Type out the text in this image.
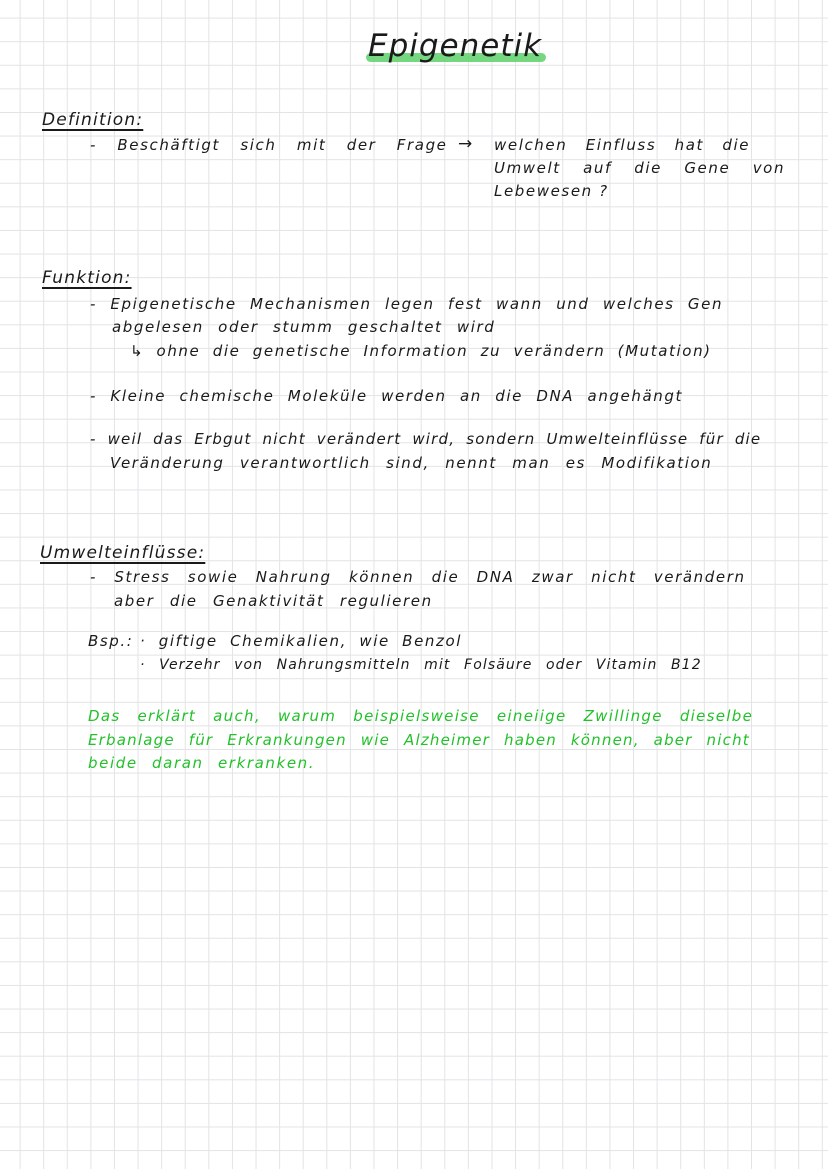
Epigenetik
Definition:
- Beschäftigt sich mit der Frage → welchen Einfluss hat die
Umwelt auf die Gene von
Lebewesen ?
Funktion:
- Epigenetische Mechanismen legen fest wann und welches Gen
abgelesen oder stumm geschaltet wird
↳ ohne die genetische Information zu verändern (Mutation)
- Kleine chemische Moleküle werden an die DNA angehängt
- weil das Erbgut nicht verändert wird, sondern Umwelteinflüsse für die
Veränderung verantwortlich sind, nennt man es Modifikation
Umwelteinflüsse:
- Stress sowie Nahrung können die DNA zwar nicht verändern
aber die Genaktivität regulieren
Bsp.: · giftige Chemikalien, wie Benzol
· Verzehr von Nahrungsmitteln mit Folsäure oder Vitamin B12
Das erklärt auch, warum beispielsweise eineiige Zwillinge dieselbe
Erbanlage für Erkrankungen wie Alzheimer haben können, aber nicht
beide daran erkranken.
